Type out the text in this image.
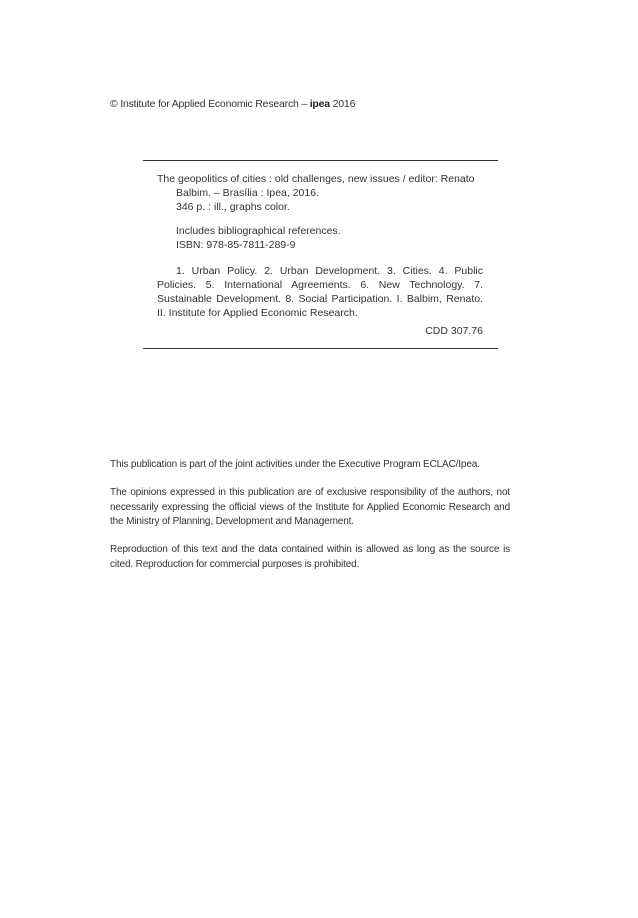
© Institute for Applied Economic Research – ipea 2016
The geopolitics of cities : old challenges, new issues / editor: Renato
Balbim. – Brasília : Ipea, 2016.
346 p. : ill., graphs color.
Includes bibliographical references.
ISBN: 978-85-7811-289-9
1. Urban Policy. 2. Urban Development. 3. Cities. 4. Public Policies. 5. International Agreements. 6. New Technology. 7. Sustainable Development. 8. Social Participation. I. Balbim, Renato. II. Institute for Applied Economic Research.
CDD 307.76

This publication is part of the joint activities under the Executive Program ECLAC/Ipea.

The opinions expressed in this publication are of exclusive responsibility of the authors, not necessarily expressing the official views of the Institute for Applied Economic Research and the Ministry of Planning, Development and Management.

Reproduction of this text and the data contained within is allowed as long as the source is cited. Reproduction for commercial purposes is prohibited.
